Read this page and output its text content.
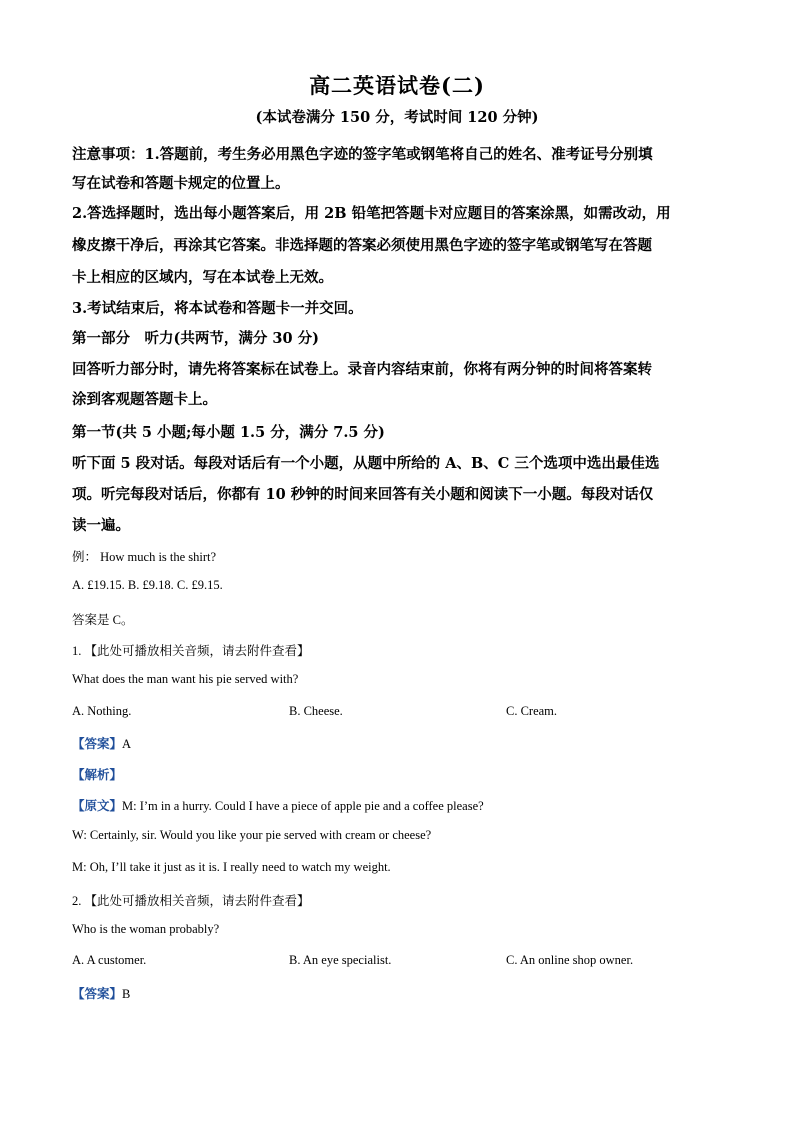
高二英语试卷(二)
(本试卷满分 150 分，考试时间 120 分钟)
注意事项：1.答题前，考生务必用黑色字迹的签字笔或钢笔将自己的姓名、准考证号分别填
写在试卷和答题卡规定的位置上。
2.答选择题时，选出每小题答案后，用 2B 铅笔把答题卡对应题目的答案涂黑，如需改动，用
橡皮擦干净后，再涂其它答案。非选择题的答案必须使用黑色字迹的签字笔或钢笔写在答题
卡上相应的区域内，写在本试卷上无效。
3.考试结束后，将本试卷和答题卡一并交回。
第一部分　听力(共两节，满分 30 分)
回答听力部分时，请先将答案标在试卷上。录音内容结束前，你将有两分钟的时间将答案转
涂到客观题答题卡上。
第一节(共 5 小题;每小题 1.5 分，满分 7.5 分)
听下面 5 段对话。每段对话后有一个小题，从题中所给的 A、B、C 三个选项中选出最佳选
项。听完每段对话后，你都有 10 秒钟的时间来回答有关小题和阅读下一小题。每段对话仅
读一遍。
例： How much is the shirt?
A. £19.15. B. £9.18. C. £9.15.
答案是 C。
1. 【此处可播放相关音频，请去附件查看】
What does the man want his pie served with?
A. Nothing.	B. Cheese.	C. Cream.
【答案】A
【解析】
【原文】M: I’m in a hurry. Could I have a piece of apple pie and a coffee please?
W: Certainly, sir. Would you like your pie served with cream or cheese?
M: Oh, I’ll take it just as it is. I really need to watch my weight.
2. 【此处可播放相关音频，请去附件查看】
Who is the woman probably?
A. A customer.	B. An eye specialist.	C. An online shop owner.
【答案】B
